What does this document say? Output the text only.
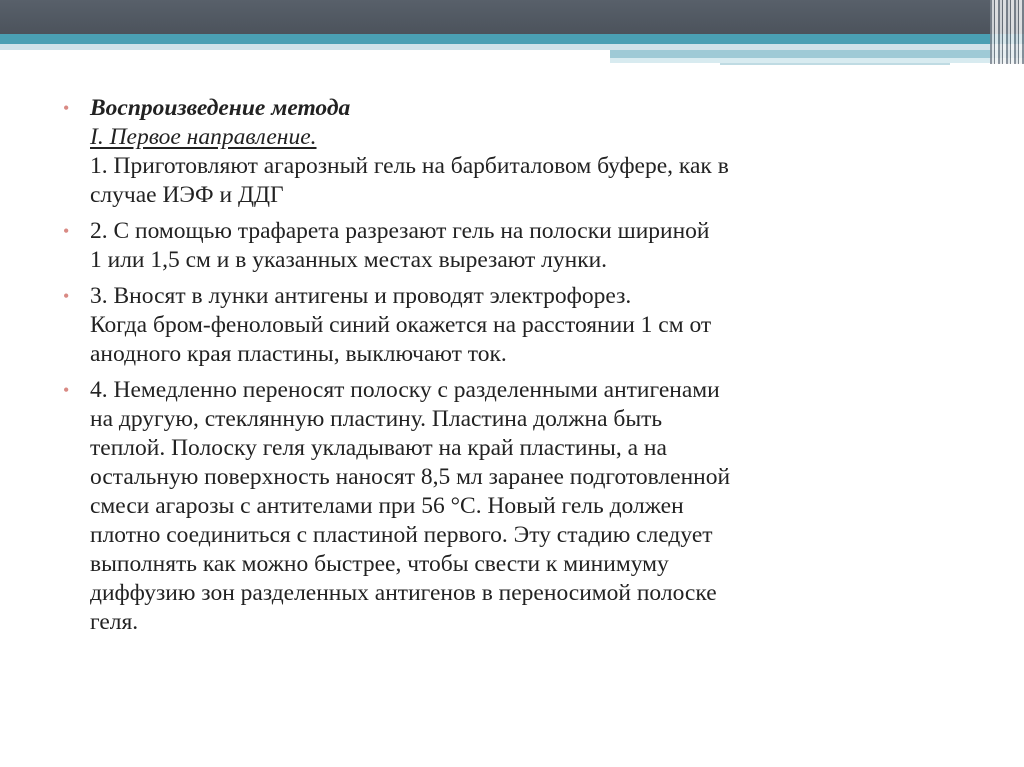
• Воспроизведение метода
I. Первое направление.
1. Приготовляют агарозный гель на барбиталовом буфере, как в
случае ИЭФ и ДДГ
• 2. С помощью трафарета разрезают гель на полоски шириной
1 или 1,5 см и в указанных местах вырезают лунки.
• 3. Вносят в лунки антигены и проводят электрофорез.
Когда бром-феноловый синий окажется на расстоянии 1 см от
анодного края пластины, выключают ток.
• 4. Немедленно переносят полоску с разделенными антигенами
на другую, стеклянную пластину. Пластина должна быть
теплой. Полоску геля укладывают на край пластины, а на
остальную поверхность наносят 8,5 мл заранее подготовленной
смеси агарозы с антителами при 56 °С. Новый гель должен
плотно соединиться с пластиной первого. Эту стадию следует
выполнять как можно быстрее, чтобы свести к минимуму
диффузию зон разделенных антигенов в переносимой полоске
геля.
